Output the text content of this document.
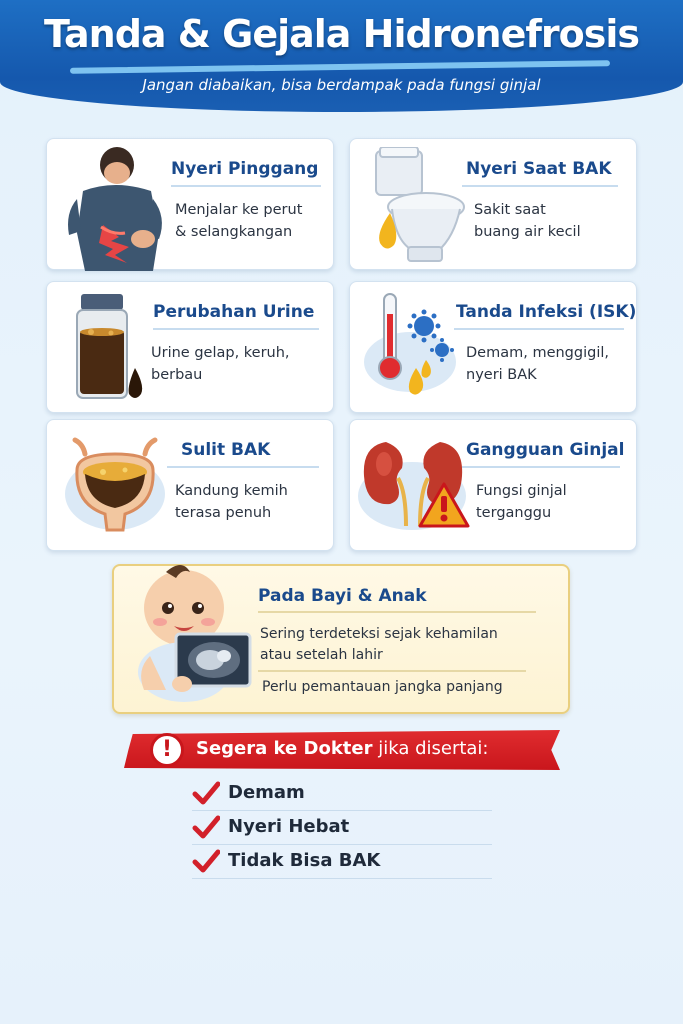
Tanda & Gejala Hidronefrosis
Jangan diabaikan, bisa berdampak pada fungsi ginjal
Nyeri Pinggang
Menjalar ke perut
& selangkangan
Nyeri Saat BAK
Sakit saat
buang air kecil
Perubahan Urine
Urine gelap, keruh,
berbau
Tanda Infeksi (ISK)
Demam, menggigil,
nyeri BAK
Sulit BAK
Kandung kemih
terasa penuh
Gangguan Ginjal
Fungsi ginjal
terganggu
Pada Bayi & Anak
Sering terdeteksi sejak kehamilan
atau setelah lahir
Perlu pemantauan jangka panjang
!	Segera ke Dokter jika disertai:
Demam
Nyeri Hebat
Tidak Bisa BAK
